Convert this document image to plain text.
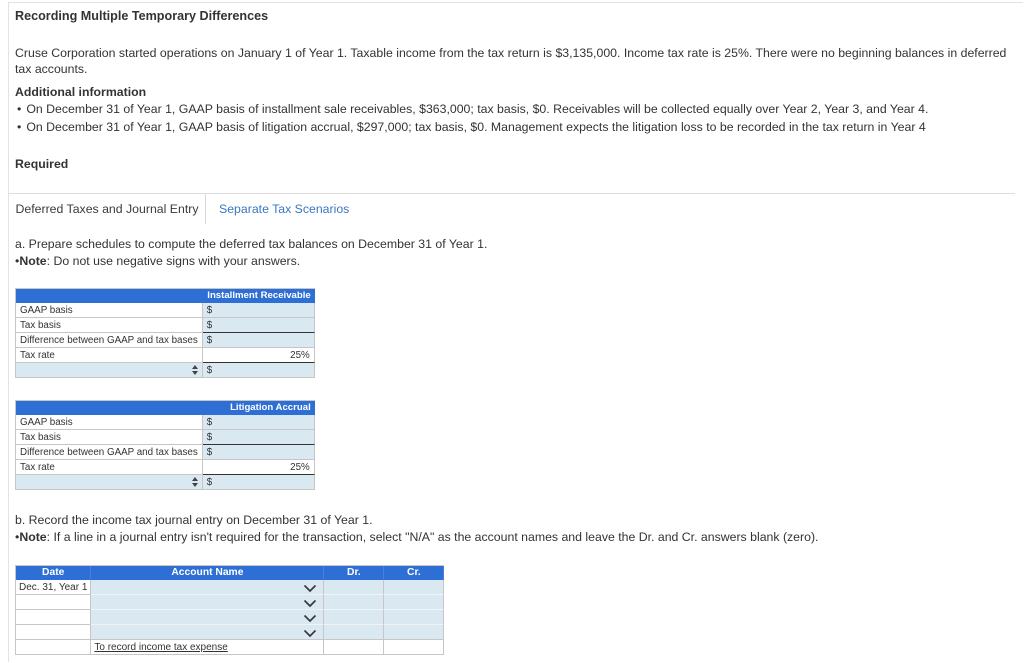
Recording Multiple Temporary Differences

Cruse Corporation started operations on January 1 of Year 1. Taxable income from the tax return is $3,135,000. Income tax rate is 25%. There were no beginning balances in deferred tax accounts.

Additional information
• On December 31 of Year 1, GAAP basis of installment sale receivables, $363,000; tax basis, $0. Receivables will be collected equally over Year 2, Year 3, and Year 4.
• On December 31 of Year 1, GAAP basis of litigation accrual, $297,000; tax basis, $0. Management expects the litigation loss to be recorded in the tax return in Year 4
Required
Deferred Taxes and Journal Entry	Separate Tax Scenarios

a. Prepare schedules to compute the deferred tax balances on December 31 of Year 1.

• Note : Do not use negative signs with your answers.

	Installment Receivable
GAAP basis	$
Tax basis	$
Difference between GAAP and tax bases	$
Tax rate	25%

	$
	Litigation Accrual
GAAP basis	$
Tax basis	$
Difference between GAAP and tax bases	$
Tax rate	25%

	$

b. Record the income tax journal entry on December 31 of Year 1.

• Note : If a line in a journal entry isn't required for the transaction, select "N/A" as the account names and leave the Dr. and Cr. answers blank (zero).

Date	Account Name	Dr.	Cr.
Dec. 31, Year 1	

	To record income tax expense		
